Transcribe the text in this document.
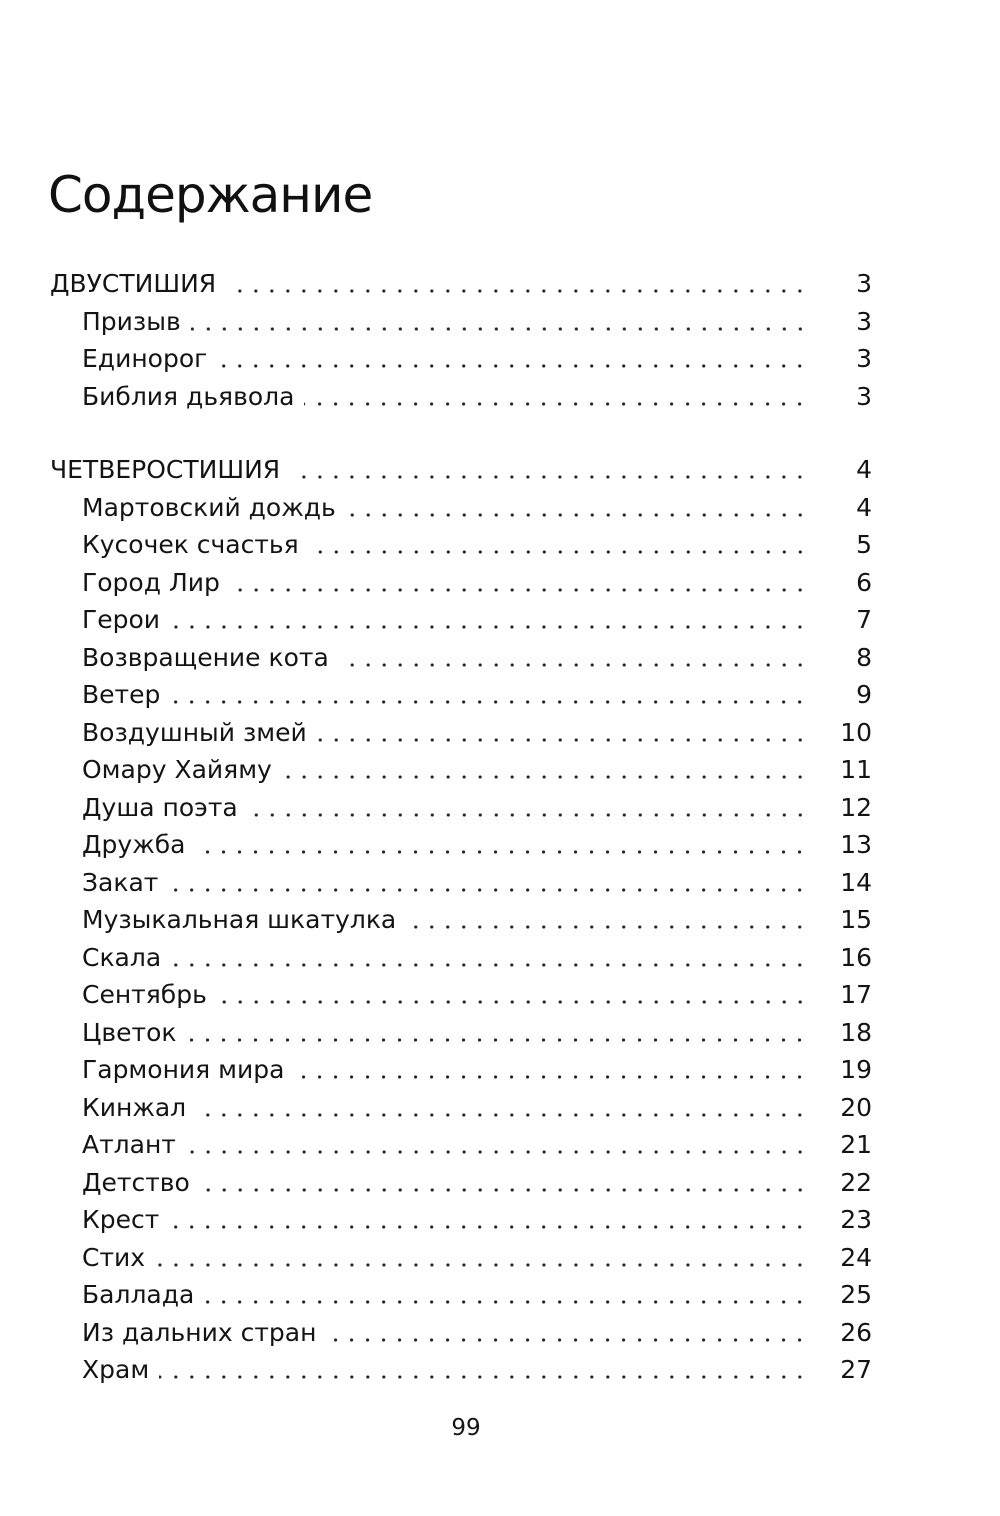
Содержание
ДВУСТИШИЯ	3
Призыв	3
Единорог	3
Библия дьявола	3
ЧЕТВЕРОСТИШИЯ	4
Мартовский дождь	4
Кусочек счастья	5
Город Лир	6
Герои	7
Возвращение кота	8
Ветер	9
Воздушный змей	10
Омару Хайяму	11
Душа поэта	12
Дружба	13
Закат	14
Музыкальная шкатулка	15
Скала	16
Сентябрь	17
Цветок	18
Гармония мира	19
Кинжал	20
Атлант	21
Детство	22
Крест	23
Стих	24
Баллада	25
Из дальних стран	26
Храм	27
99
